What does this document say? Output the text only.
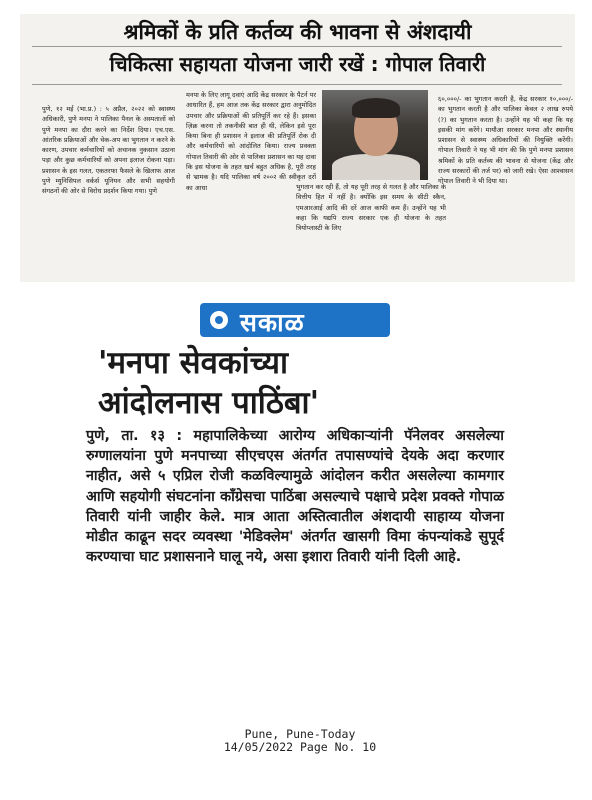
श्रमिकों के प्रति कर्तव्य की भावना से अंशदायी
चिकित्सा सहायता योजना जारी रखें : गोपाल तिवारी

पुणे, १२ मई (भा.प्र.) : ५ अप्रैल, २०२२ को स्वास्थ्य अधिकारी, पुणे मनपा ने पालिका पैनल के अस्पतालों को पुणे मनपा का दौरा करने का निर्देश दिया। एच.एस. आंतरिक प्रक्रियाओं और चेक-अप का भुगतान न करने के कारण, उपचार कर्मचारियों को अचानक नुकसान उठाना पड़ा और कुछ कर्मचारियों को अपना इलाज रोकना पड़ा। प्रशासन के इस गलत, एकतरफा फैसले के खिलाफ आज पुणे म्युनिसिपल वर्कर्स यूनियन और सभी सहयोगी संगठनों की ओर से विरोध प्रदर्शन किया गया। पुणे

मनपा के लिए लागू दवाएं आदि केंद्र सरकार के पैटर्न पर आधारित हैं, हम आज तक केंद्र सरकार द्वारा अनुमोदित उपचार और प्रक्रियाओं की प्रतिपूर्ति कर रहे हैं। इसका ज़िक्र करना तो तकनीकी बात ही थी, लेकिन इसे पूरा किया बिना ही प्रशासन ने इलाज की प्रतिपूर्ति रोक दी और कर्मचारियों को आंदोलित किया। राज्य प्रवक्ता गोपाल तिवारी की ओर से पालिका प्रशासन का यह दावा कि इस योजना के तहत खर्च बहुत अधिक है, पूरी तरह से भ्रामक है। यदि पालिका वर्ष २००२ की स्वीकृत दरों का आधा	भुगतान कर रही हैं, तो यह पूरी तरह से गलत है और पालिका के वित्तीय हित में नहीं है। क्योंकि इस समय के सीटी स्कैन, एमआरआई आदि की दरें आज काफी कम हैं। उन्होंने यह भी कहा कि यद्यपि राज्य सरकार एक ही योजना के तहत त्रियोप्लास्टी के लिए

६०,०००/- का भुगतान करती है, केंद्र सरकार १०,०००/- का भुगतान करती है और पालिका केवल २ लाख रुपये (?) का भुगतान करता है। उन्होंने यह भी कहा कि यह इसकी मांग करेंगे। मायौआ सरकार मनपा और स्थानीय प्रशासन से स्वास्थ्य अधिकारियों की नियुक्ति करेंगी। गोपाल तिवारी ने यह भी मांग की कि पुणे मनपा प्रशासन श्रमिकों के प्रति कर्तव्य की भावना से योजना (केंद्र और राज्य सरकारों की तर्ज पर) को जारी रखे। ऐसा आश्वासन गोपाल तिवारी ने भी दिया था।

सकाळ
'मनपा सेवकांच्या
आंदोलनास पाठिंबा'
पुणे, ता. १३ : महापालिकेच्या आरोग्य अधिकाऱ्यांनी पॅनेलवर असलेल्या रुग्णालयांना पुणे मनपाच्या सीएचएस अंतर्गत तपासण्यांचे देयके अदा करणार नाहीत, असे ५ एप्रिल रोजी कळविल्यामुळे आंदोलन करीत असलेल्या कामगार आणि सहयोगी संघटनांना काँग्रेसचा पाठिंबा असल्याचे पक्षाचे प्रदेश प्रवक्ते गोपाळ तिवारी यांनी जाहीर केले. मात्र आता अस्तित्वातील अंशदायी साहाय्य योजना मोडीत काढून सदर व्यवस्था 'मेडिक्लेम' अंतर्गत खासगी विमा कंपन्यांकडे सुपूर्द करण्याचा घाट प्रशासनाने घालू नये, असा इशारा तिवारी यांनी दिली आहे.
Pune, Pune-Today
14/05/2022 Page No. 10
